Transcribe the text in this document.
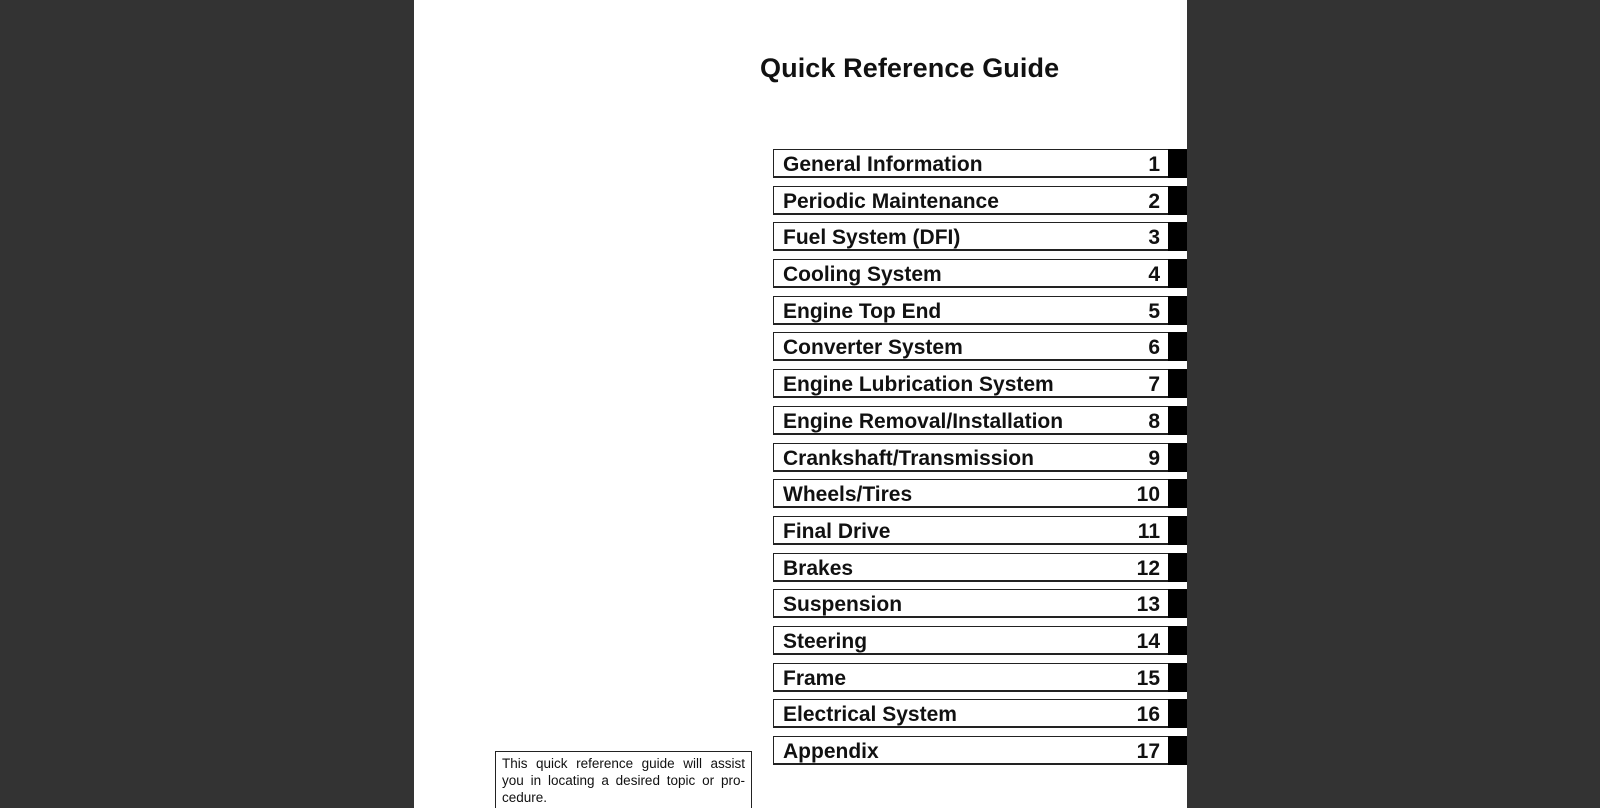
Quick Reference Guide
General Information	1
Periodic Maintenance	2
Fuel System (DFI)	3
Cooling System	4
Engine Top End	5
Converter System	6
Engine Lubrication System	7
Engine Removal/Installation	8
Crankshaft/Transmission	9
Wheels/Tires	10
Final Drive	11
Brakes	12
Suspension	13
Steering	14
Frame	15
Electrical System	16
Appendix	17
This quick reference guide will assist you in locating a desired topic or pro-cedure.
